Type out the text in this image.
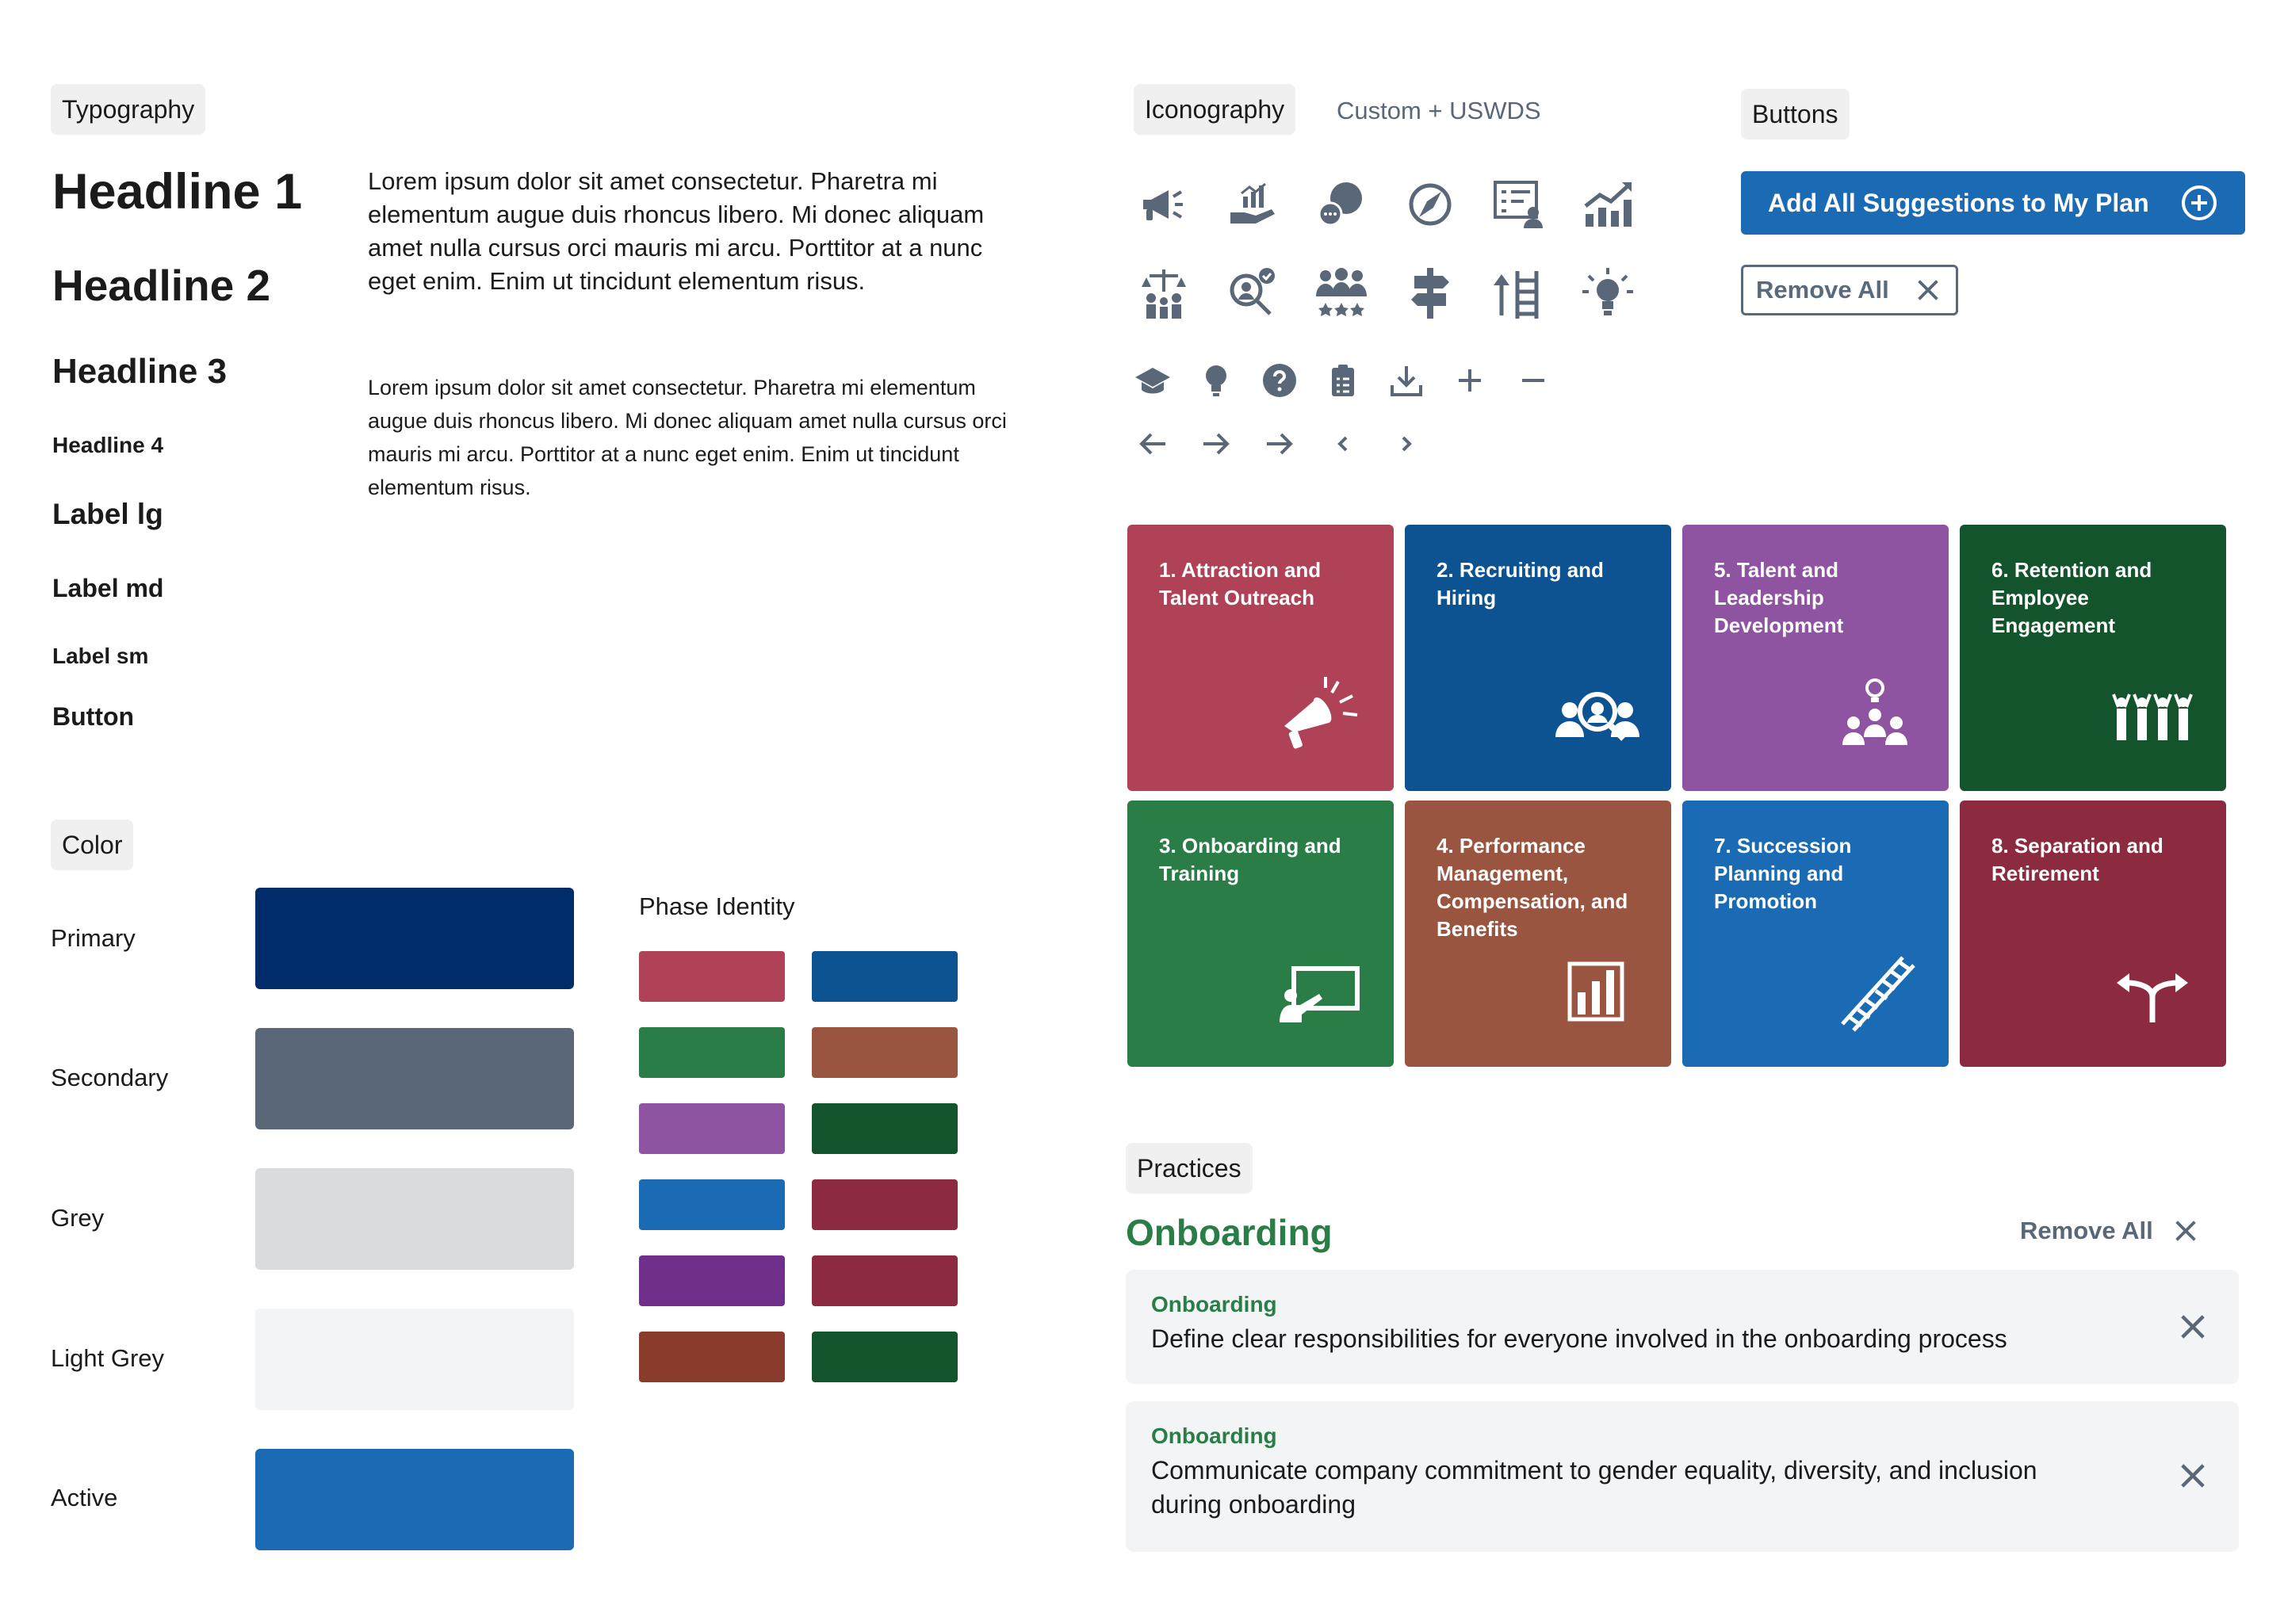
Typography
Headline 1
Headline 2
Headline 3
Headline 4
Label lg
Label md
Label sm
Button
Lorem ipsum dolor sit amet consectetur. Pharetra mi elementum augue duis rhoncus libero. Mi donec aliquam amet nulla cursus orci mauris mi arcu. Porttitor at a nunc eget enim. Enim ut tincidunt elementum risus.
Lorem ipsum dolor sit amet consectetur. Pharetra mi elementum augue duis rhoncus libero. Mi donec aliquam amet nulla cursus orci mauris mi arcu. Porttitor at a nunc eget enim. Enim ut tincidunt elementum risus.
Color
Primary
Secondary
Grey
Light Grey
Active
Phase Identity
Iconography	Custom + USWDS	Buttons
Add All Suggestions to My Plan
Remove All
1. Attraction and Talent Outreach
2. Recruiting and Hiring
5. Talent and Leadership Development
6. Retention and Employee Engagement
3. Onboarding and Training
4. Performance Management, Compensation, and Benefits
7. Succession Planning and Promotion
8. Separation and Retirement
Practices
Onboarding	Remove All
Onboarding
Define clear responsibilities for everyone involved in the onboarding process
Onboarding
Communicate company commitment to gender equality, diversity, and inclusion during onboarding
